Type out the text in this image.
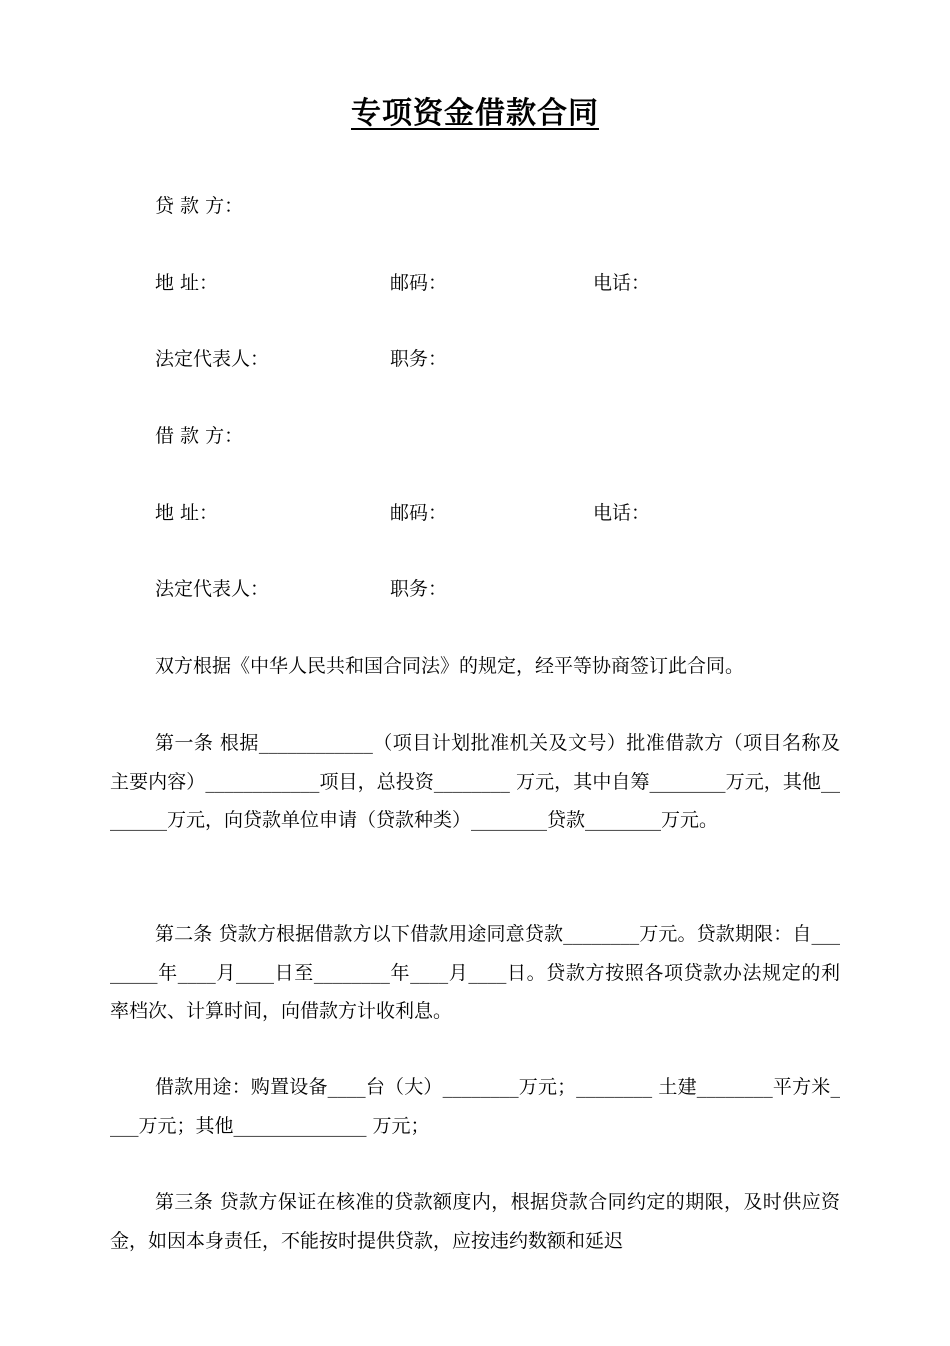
专项资金借款合同
贷 款 方：
地 址：	邮码：	电话：
法定代表人：	职务：
借 款 方：
地 址：	邮码：	电话：
法定代表人：	职务：

双方根据《中华人民共和国合同法》的规定，经平等协商签订此合同。

第一条 根据____________（项目计划批准机关及文号）批准借款方（项目名称及主要内容）____________项目，总投资________ 万元，其中自筹________万元，其他________万元，向贷款单位申请（贷款种类）________贷款________万元。

第二条 贷款方根据借款方以下借款用途同意贷款________万元。贷款期限：自________年____月____日至________年____月____日。贷款方按照各项贷款办法规定的利率档次、计算时间，向借款方计收利息。

借款用途：购置设备____台（大）________万元；________ 土建________平方米____万元；其他______________ 万元；

第三条 贷款方保证在核准的贷款额度内，根据贷款合同约定的期限，及时供应资金，如因本身责任，不能按时提供贷款，应按违约数额和延迟
